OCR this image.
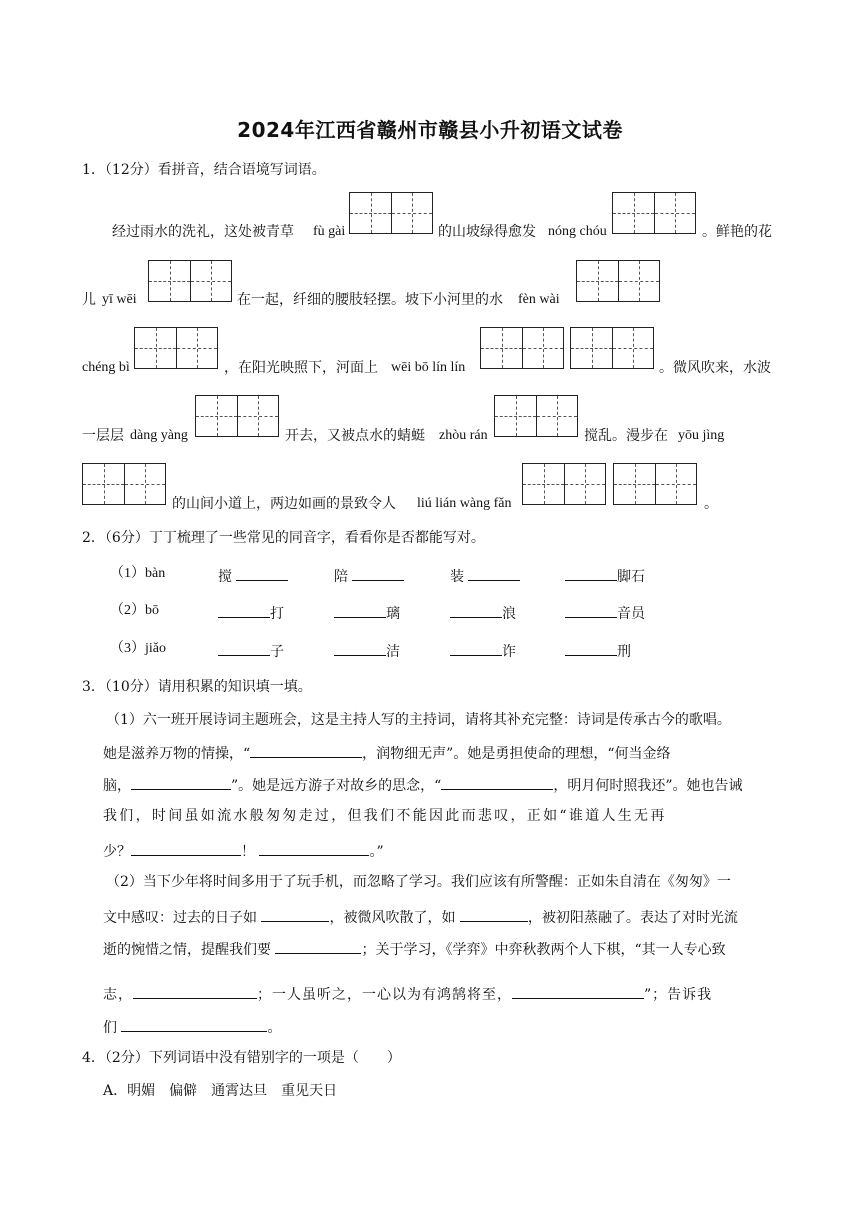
2024年江西省赣州市赣县小升初语文试卷
1．（12分）看拼音，结合语境写词语。
经过雨水的洗礼，这处被青草 fù gài	的山坡绿得愈发 nóng chóu	。鲜艳的花
儿 yī wēi	在一起，纤细的腰肢轻摆。坡下小河里的水 fèn wài
chéng bì	，在阳光映照下，河面上 wēi bō lín lín	。微风吹来，水波
一层层 dàng yàng	开去，又被点水的蜻蜓 zhòu rán	搅乱。漫步在 yōu jìng
的山间小道上，两边如画的景致令人 liú lián wàng fǎn	。
2．（6分）丁丁梳理了一些常见的同音字，看看你是否都能写对。
（1）bàn	搅	陪	装	脚石
（2）bō	打	璃	浪	音员
（3）jiǎo	子	洁	诈	刑
3．（10分）请用积累的知识填一填。
（1）六一班开展诗词主题班会，这是主持人写的主持词，请将其补充完整：诗词是传承古今的歌唱。
她是滋养万物的情操，“	，润物细无声”。她是勇担使命的理想，“何当金络
脑，	”。她是远方游子对故乡的思念，“	，明月何时照我还”。她也告诫
我们，时间虽如流水般匆匆走过，但我们不能因此而悲叹，正如“谁道人生无再
少？	！	。”
（2）当下少年将时间多用于了玩手机，而忽略了学习。我们应该有所警醒：正如朱自清在《匆匆》一
文中感叹：过去的日子如	，被微风吹散了，如	，被初阳蒸融了。表达了对时光流
逝的惋惜之情，提醒我们要	；关于学习，《学弈》中弈秋教两个人下棋，“其一人专心致
志，	；一人虽听之，一心以为有鸿鹄将至，	”；告诉我
们	。
4．（2分）下列词语中没有错别字的一项是（　　）
A．明媚　偏僻　通霄达旦　重见天日
